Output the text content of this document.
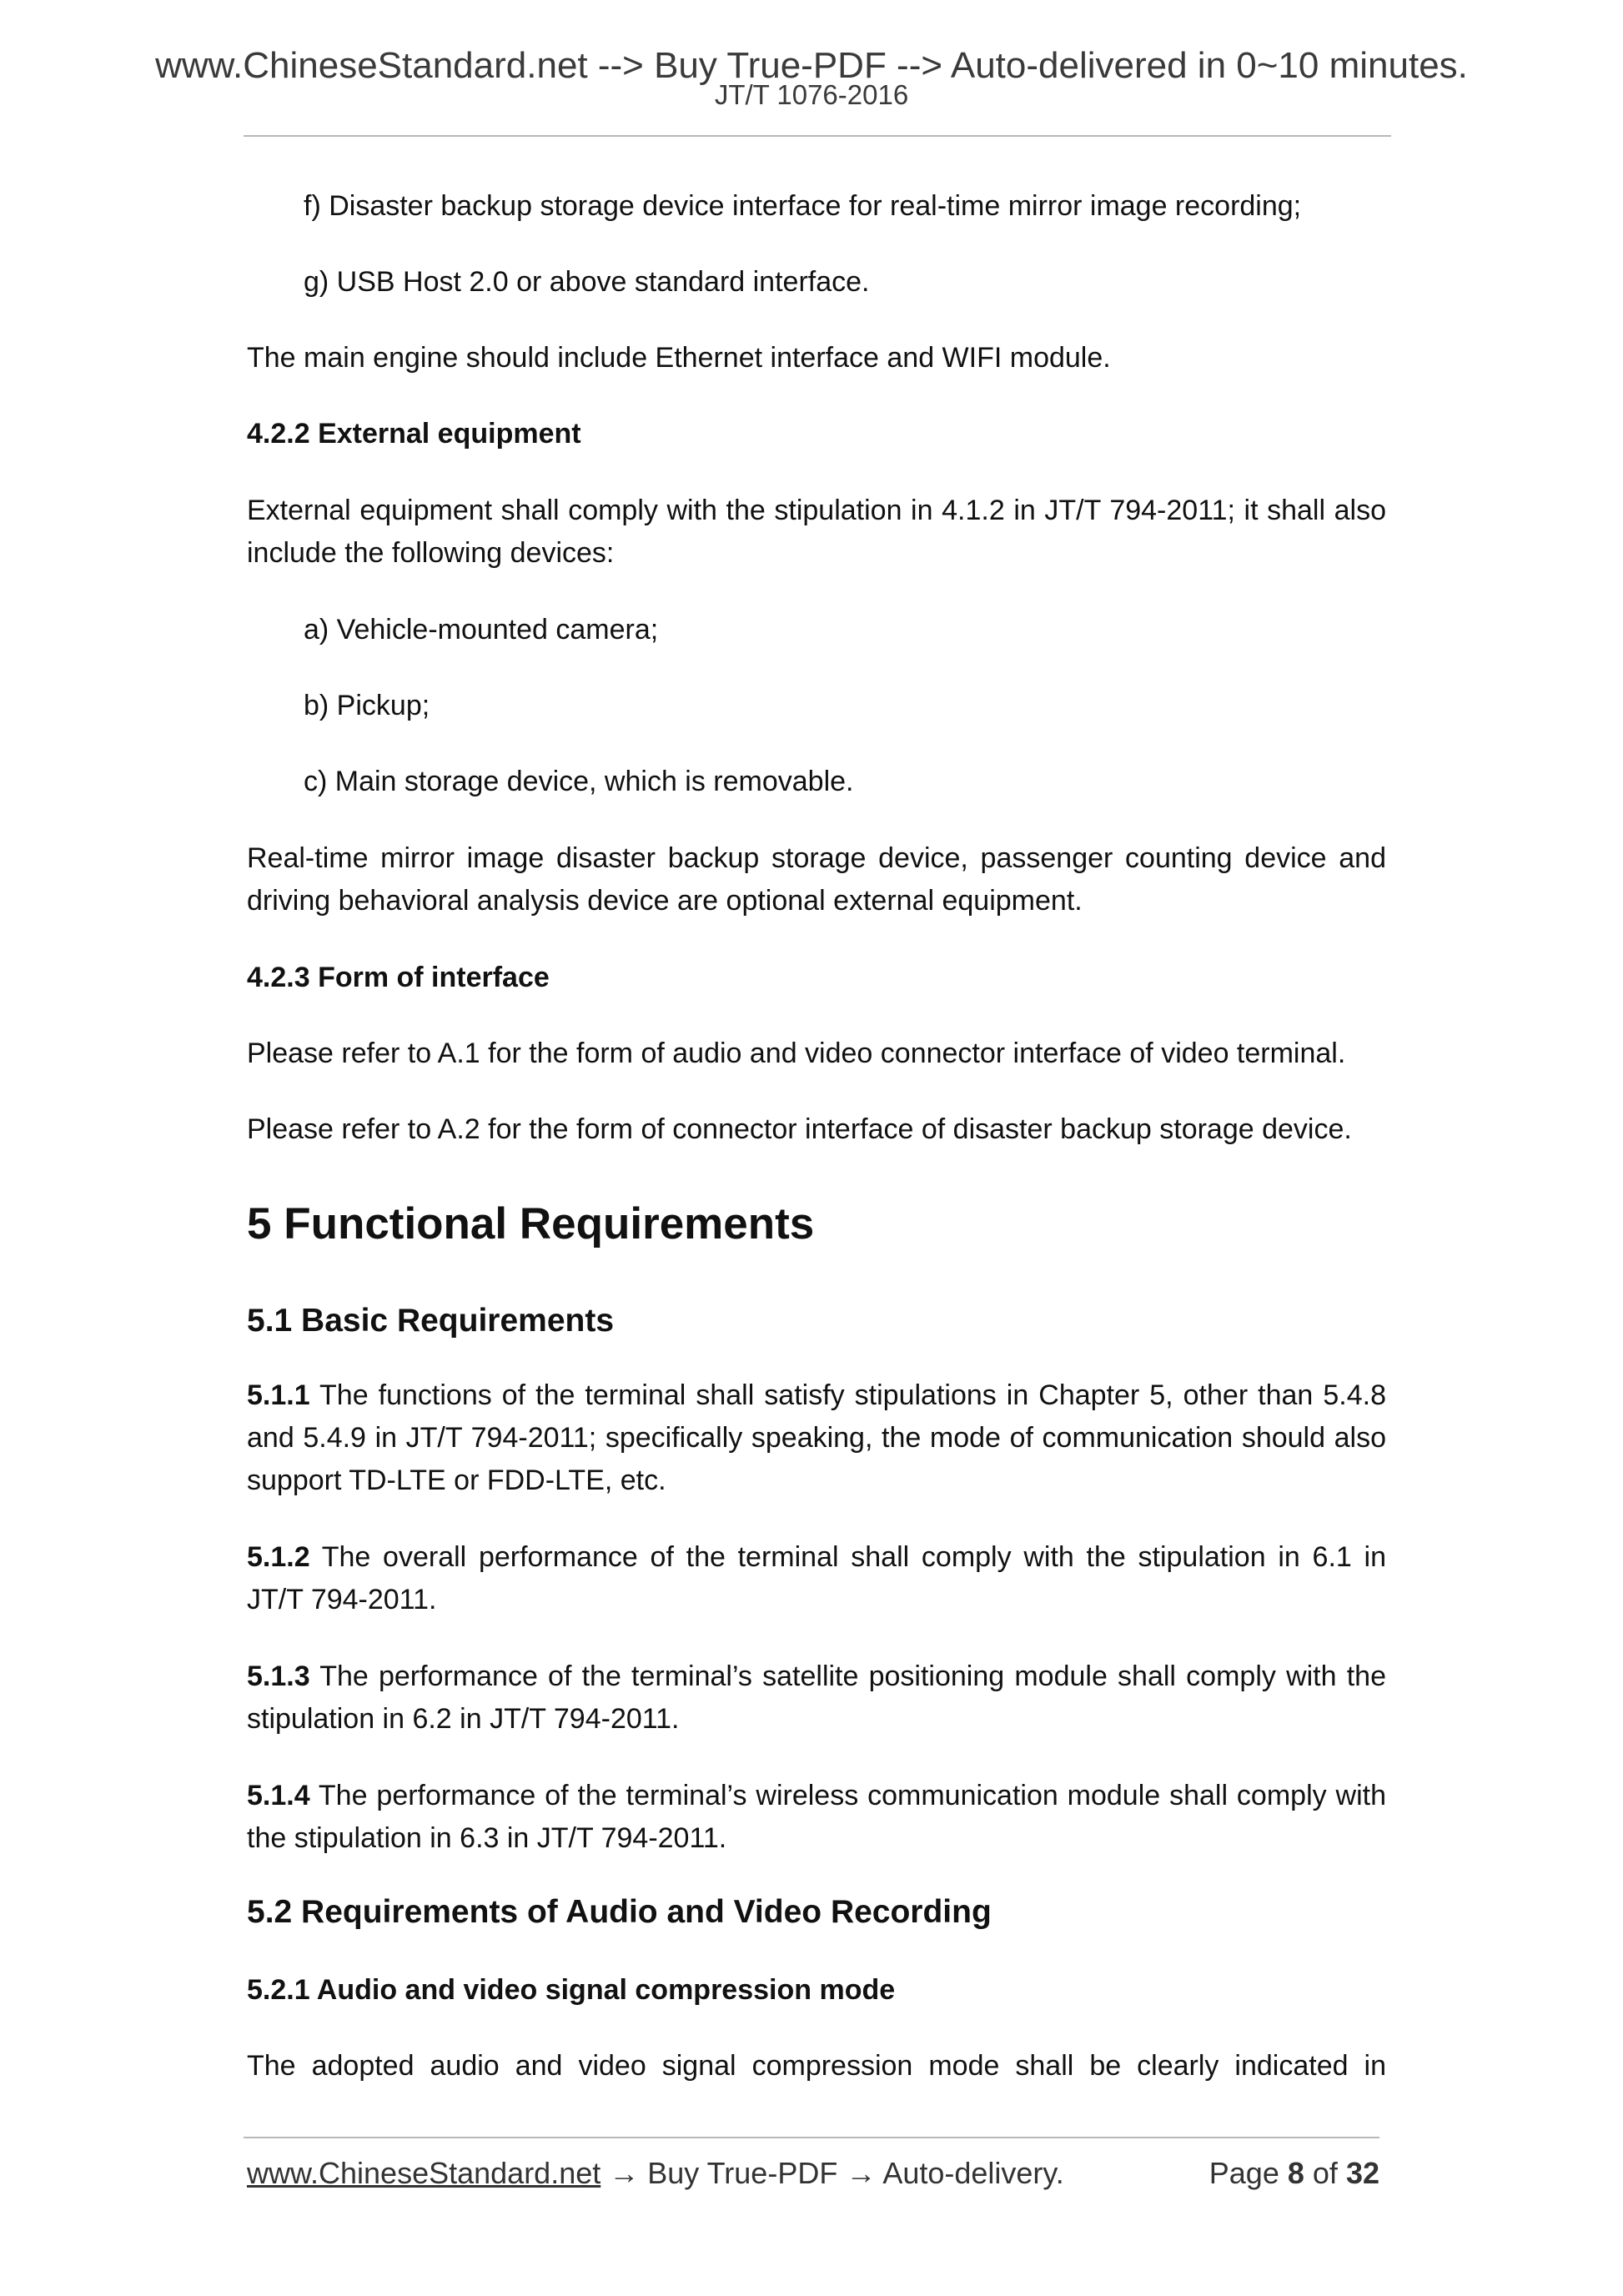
www.ChineseStandard.net --> Buy True-PDF --> Auto-delivered in 0~10 minutes.
JT/T 1076-2016

f) Disaster backup storage device interface for real-time mirror image recording;

g) USB Host 2.0 or above standard interface.

The main engine should include Ethernet interface and WIFI module.

4.2.2 External equipment

External equipment shall comply with the stipulation in 4.1.2 in JT/T 794-2011; it shall also include the following devices:

a) Vehicle-mounted camera;

b) Pickup;

c) Main storage device, which is removable.

Real-time mirror image disaster backup storage device, passenger counting device and driving behavioral analysis device are optional external equipment.

4.2.3 Form of interface

Please refer to A.1 for the form of audio and video connector interface of video terminal.

Please refer to A.2 for the form of connector interface of disaster backup storage device.

5 Functional Requirements
5.1 Basic Requirements

5.1.1 The functions of the terminal shall satisfy stipulations in Chapter 5, other than 5.4.8 and 5.4.9 in JT/T 794-2011; specifically speaking, the mode of communication should also support TD-LTE or FDD-LTE, etc.

5.1.2 The overall performance of the terminal shall comply with the stipulation in 6.1 in JT/T 794-2011.

5.1.3 The performance of the terminal’s satellite positioning module shall comply with the stipulation in 6.2 in JT/T 794-2011.

5.1.4 The performance of the terminal’s wireless communication module shall comply with the stipulation in 6.3 in JT/T 794-2011.

5.2 Requirements of Audio and Video Recording
5.2.1 Audio and video signal compression mode

The adopted audio and video signal compression mode shall be clearly indicated in

www.ChineseStandard.net → Buy True-PDF → Auto-delivery.	Page 8 of 32
